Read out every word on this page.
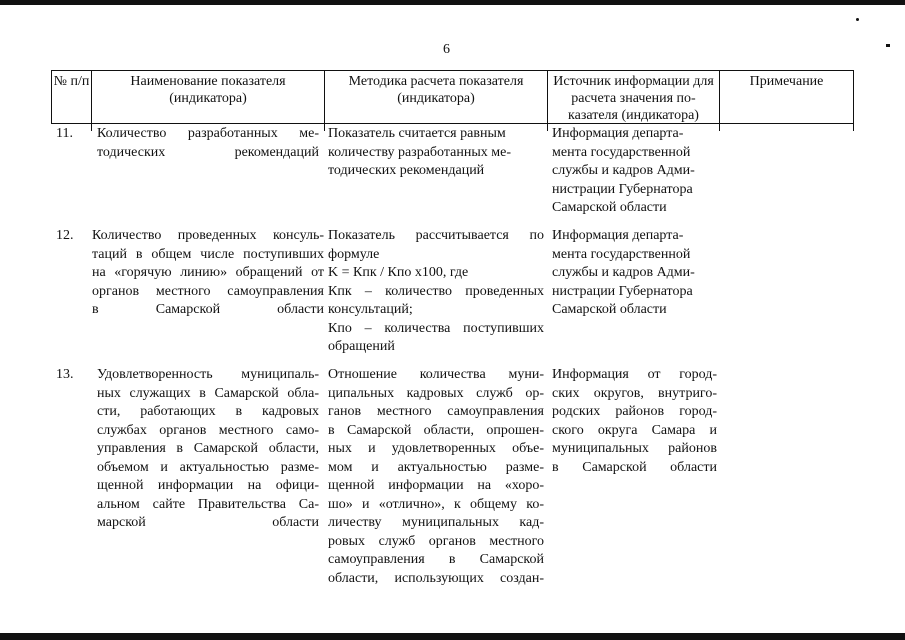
6
№ п/п	Наименование показателя (индикатора)
Методика расчета показателя (индикатора)
Источник информации для расчета значения по-казателя (индикатора)
Примечание
11. Количество разработанных ме-
тодических рекомендаций
Показатель считается равным
количеству разработанных ме-
тодических рекомендаций
Информация департа-
мента государственной
службы и кадров Адми-
нистрации Губернатора
Самарской области
12. Количество проведенных консуль-
таций в общем числе поступивших
на «горячую линию» обращений от
органов местного самоуправления
в Самарской области
Показатель рассчитывается по
формуле
K = Кпк / Кпо x100, где
Кпк – количество проведенных
консультаций;
Кпо – количества поступивших
обращений
Информация департа-
мента государственной
службы и кадров Адми-
нистрации Губернатора
Самарской области
13. Удовлетворенность муниципаль-
ных служащих в Самарской обла-
сти, работающих в кадровых
службах органов местного само-
управления в Самарской области,
объемом и актуальностью разме-
щенной информации на офици-
альном сайте Правительства Са-
марской области
Отношение количества муни-
ципальных кадровых служб ор-
ганов местного самоуправления
в Самарской области, опрошен-
ных и удовлетворенных объе-
мом и актуальностью разме-
щенной информации на «хоро-
шо» и «отлично», к общему ко-
личеству муниципальных кад-
ровых служб органов местного
самоуправления в Самарской
области, использующих создан-
Информация от город-
ских округов, внутриго-
родских районов город-
ского округа Самара и
муниципальных районов
в Самарской области
